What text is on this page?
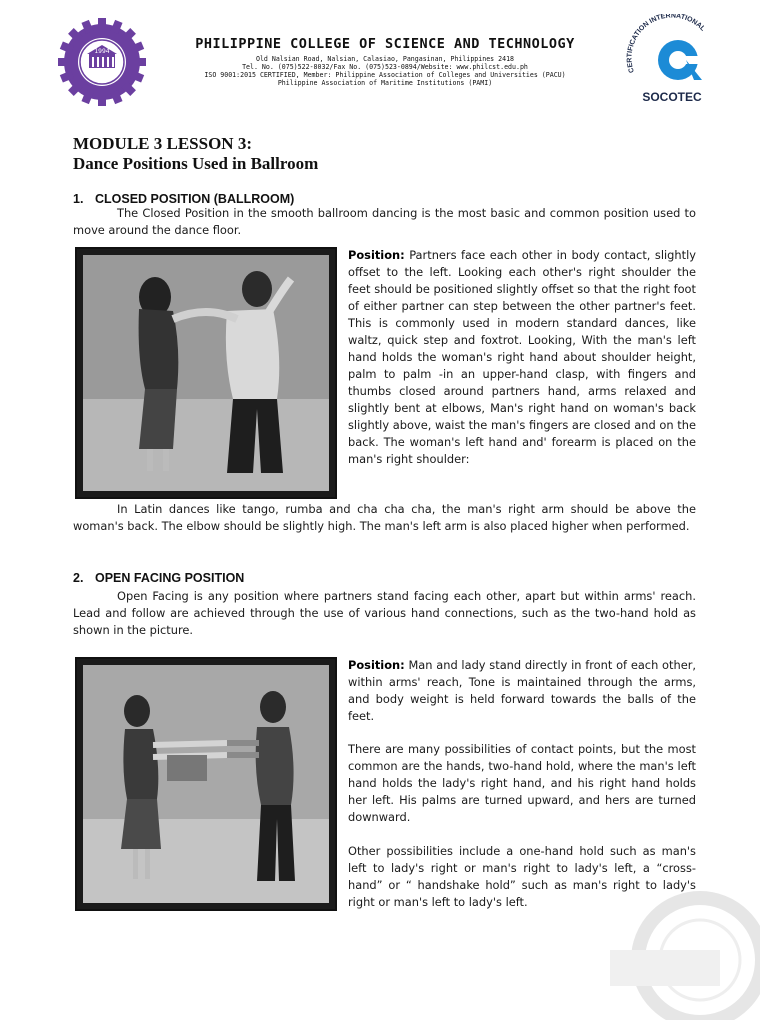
1994	PHILIPPINE COLLEGE OF SCIENCE AND TECHNOLOGY
Old Nalsian Road, Nalsian, Calasiao, Pangasinan, Philippines 2418
Tel. No. (075)522-8032/Fax No. (075)523-0894/Website: www.philcst.edu.ph
ISO 9001:2015 CERTIFIED, Member: Philippine Association of Colleges and Universities (PACU)
Philippine Association of Maritime Institutions (PAMI)
CERTIFICATION INTERNATIONAL
SOCOTEC
MODULE 3 LESSON 3:
Dance Positions Used in Ballroom
1. CLOSED POSITION (BALLROOM)
The Closed Position in the smooth ballroom dancing is the most basic and common position used to move around the dance floor.
Position: Partners face each other in body contact, slightly offset to the left. Looking each other's right shoulder the feet should be positioned slightly offset so that the right foot of either partner can step between the other partner's feet. This is commonly used in modern standard dances, like waltz, quick step and foxtrot. Looking, With the man's left hand holds the woman's right hand about shoulder height, palm to palm -in an upper-hand clasp, with fingers and thumbs closed around partners hand, arms relaxed and slightly bent at elbows, Man's right hand on woman's back slightly above, waist the man's fingers are closed and on the back. The woman's left hand and' forearm is placed on the man's right shoulder:
In Latin dances like tango, rumba and cha cha cha, the man's right arm should be above the woman's back. The elbow should be slightly high. The man's left arm is also placed higher when performed.
2. OPEN FACING POSITION
Open Facing is any position where partners stand facing each other, apart but within arms' reach. Lead and follow are achieved through the use of various hand connections, such as the two-hand hold as shown in the picture.
Position: Man and lady stand directly in front of each other, within arms' reach, Tone is maintained through the arms, and body weight is held forward towards the balls of the feet.
There are many possibilities of contact points, but the most common are the hands, two-hand hold, where the man's left hand holds the lady's right hand, and his right hand holds her left. His palms are turned upward, and hers are turned downward.
Other possibilities include a one-hand hold such as man's left to lady's right or man's right to lady's left, a “cross-hand” or “ handshake hold” such as man's right to lady's right or man's left to lady's left.
